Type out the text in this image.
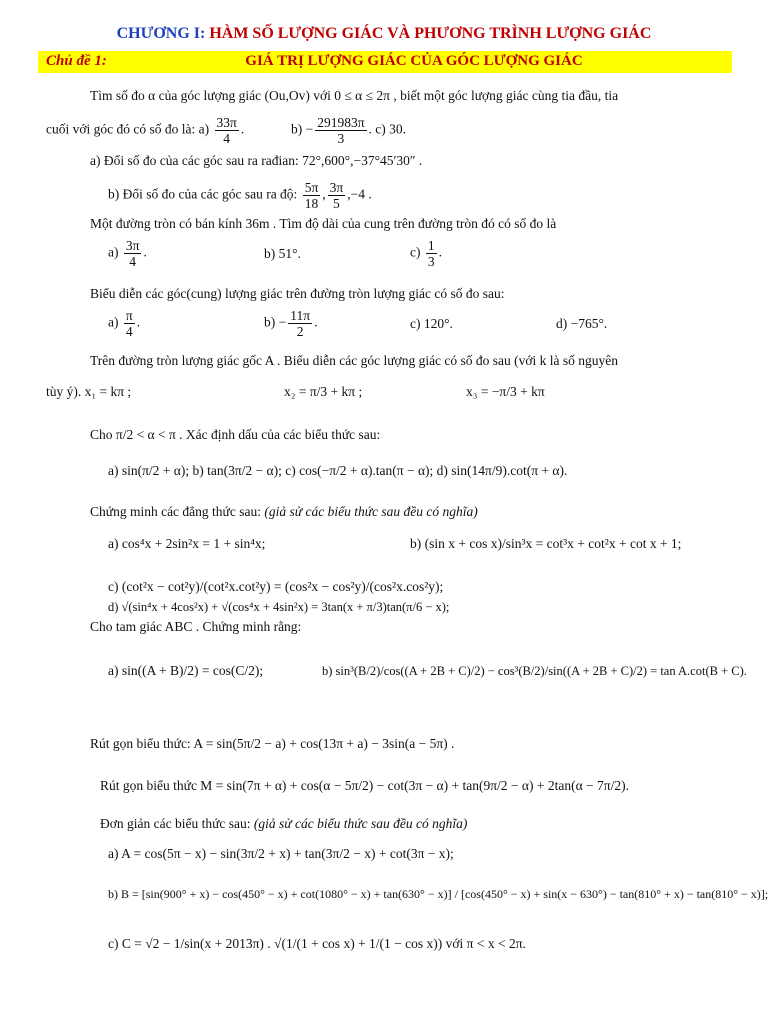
CHƯƠNG I: HÀM SỐ LƯỢNG GIÁC VÀ PHƯƠNG TRÌNH LƯỢNG GIÁC
Chủ đề 1:	GIÁ TRỊ LƯỢNG GIÁC CỦA GÓC LƯỢNG GIÁC
Tìm số đo α của góc lượng giác (Ou,Ov) với 0 ≤ α ≤ 2π , biết một góc lượng giác cùng tia đầu, tia
cuối với góc đó có số đo là: $a) \frac{33\pi}{4}$ .	$b) - \frac{291983\pi}{3}$ . c) 30.
a) Đổi số đo của các góc sau ra rađian: 72°,600°,−37°45′30″ .
b) Đổi số đo của các góc sau ra độ: $\frac{5\pi}{18}$ , $\frac{3\pi}{5} ,-4$ .
Một đường tròn có bán kính 36m . Tìm độ dài của cung trên đường tròn đó có số đo là
$a) \frac{3\pi}{4}$ .	b) 51°.	$c) \frac{1}{3}$ .
Biểu diễn các góc(cung) lượng giác trên đường tròn lượng giác có số đo sau:
$a) \frac{\pi}{4}$ .	$b) - \frac{11\pi}{2}$ .	c) 120°.	d) −765°.
Trên đường tròn lượng giác gốc A . Biểu diễn các góc lượng giác có số đo sau (với k là số nguyên
tùy ý). x₁ = kπ ;	x₂ = π/3 + kπ ;	x₃ = −π/3 + kπ
Cho π/2 < α < π . Xác định dấu của các biểu thức sau:
a) sin(π/2 + α); b) tan(3π/2 − α); c) cos(−π/2 + α).tan(π − α); d) sin(14π/9).cot(π + α).
Chứng minh các đẳng thức sau: (giả sử các biểu thức sau đều có nghĩa)
a) cos⁴x + 2sin²x = 1 + sin⁴x;	b) (sin x + cos x)/sin³x = cot³x + cot²x + cot x + 1;
c) (cot²x − cot²y)/(cot²x.cot²y) = (cos²x − cos²y)/(cos²x.cos²y);
d) √(sin⁴x + 4cos²x) + √(cos⁴x + 4sin²x) = 3tan(x + π/3)tan(π/6 − x);
Cho tam giác ABC . Chứng minh rằng:
a) sin((A + B)/2) = cos(C/2);	b) sin³(B/2)/cos((A + 2B + C)/2) − cos³(B/2)/sin((A + 2B + C)/2) = tan A.cot(B + C).
Rút gọn biểu thức: A = sin(5π/2 − a) + cos(13π + a) − 3sin(a − 5π) .
Rút gọn biểu thức M = sin(7π + α) + cos(α − 5π/2) − cot(3π − α) + tan(9π/2 − α) + 2tan(α − 7π/2).
Đơn giản các biểu thức sau: (giả sử các biểu thức sau đều có nghĩa)
a) A = cos(5π − x) − sin(3π/2 + x) + tan(3π/2 − x) + cot(3π − x);
b) B = [sin(900° + x) − cos(450° − x) + cot(1080° − x) + tan(630° − x)] / [cos(450° − x) + sin(x − 630°) − tan(810° + x) − tan(810° − x)];
c) C = √2 − 1/sin(x + 2013π) . √(1/(1 + cos x) + 1/(1 − cos x)) với π < x < 2π.
